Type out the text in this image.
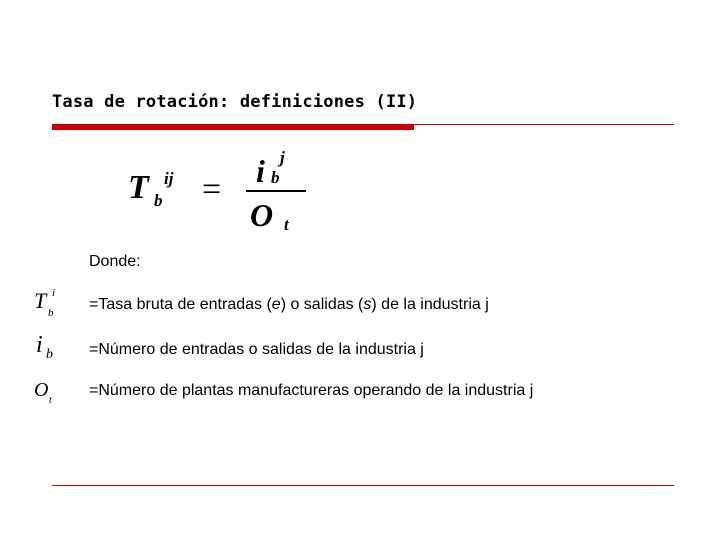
Tasa de rotación: definiciones (II)
T ij
b = i j
b
O t
Donde:
T i
b =Tasa bruta de entradas (e) o salidas (s) de la industria j
i b =Número de entradas o salidas de la industria j
O t
=Número de plantas manufactureras operando de la industria j
